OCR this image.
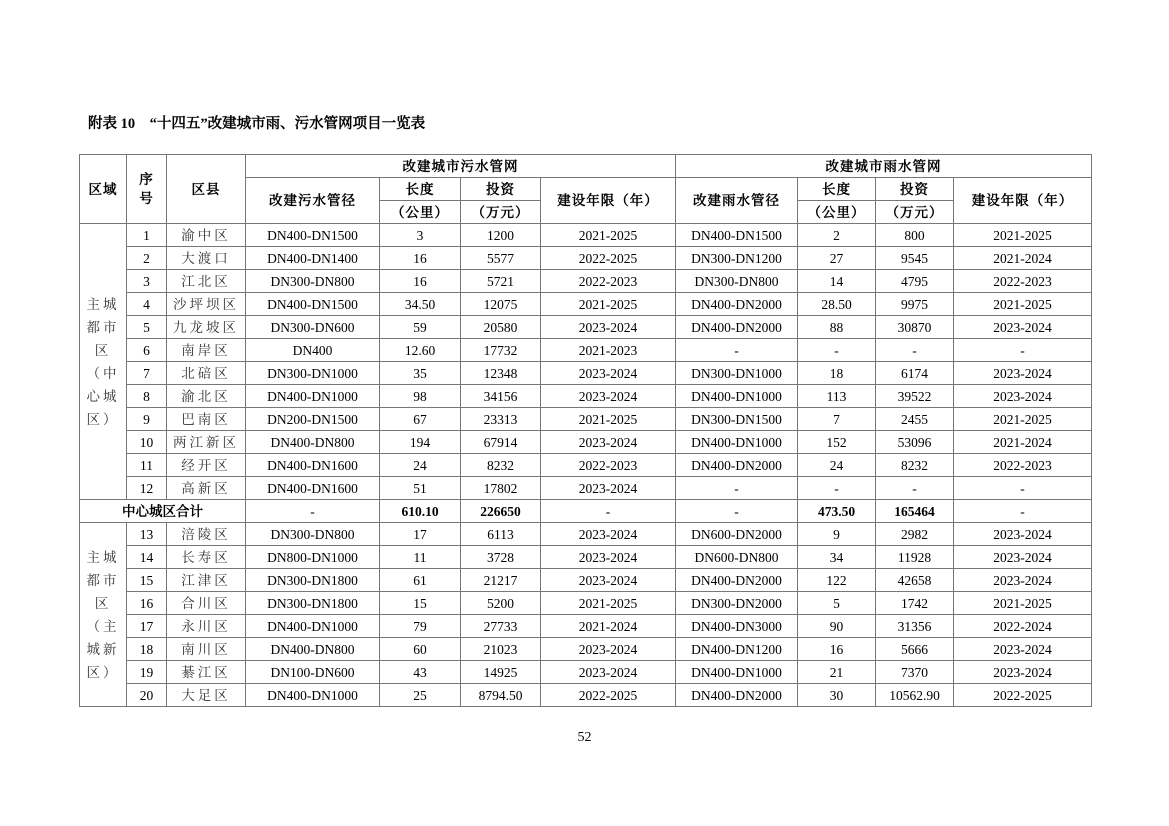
附表 10　“十四五”改建城市雨、污水管网项目一览表
区域	序号	区县	改建城市污水管网				改建城市雨水管网			
			改建污水管径	长度	投资	建设年限（年）	改建雨水管径	长度	投资	建设年限（年）
				（公里）	（万元）			（公里）	（万元）	
主城都市区（中心城区）	1	渝中区	DN400-DN1500	3	1200	2021-2025	DN400-DN1500	2	800	2021-2025
	2	大渡口	DN400-DN1400	16	5577	2022-2025	DN300-DN1200	27	9545	2021-2024
	3	江北区	DN300-DN800	16	5721	2022-2023	DN300-DN800	14	4795	2022-2023
	4	沙坪坝区	DN400-DN1500	34.50	12075	2021-2025	DN400-DN2000	28.50	9975	2021-2025
	5	九龙坡区	DN300-DN600	59	20580	2023-2024	DN400-DN2000	88	30870	2023-2024
	6	南岸区	DN400	12.60	17732	2021-2023	-	-	-	-
	7	北碚区	DN300-DN1000	35	12348	2023-2024	DN300-DN1000	18	6174	2023-2024
	8	渝北区	DN400-DN1000	98	34156	2023-2024	DN400-DN1000	113	39522	2023-2024
	9	巴南区	DN200-DN1500	67	23313	2021-2025	DN300-DN1500	7	2455	2021-2025
	10	两江新区	DN400-DN800	194	67914	2023-2024	DN400-DN1000	152	53096	2021-2024
	11	经开区	DN400-DN1600	24	8232	2022-2023	DN400-DN2000	24	8232	2022-2023
	12	高新区	DN400-DN1600	51	17802	2023-2024	-	-	-	-
中心城区合计			-	610.10	226650	-	-	473.50	165464	-
主城都市区（主城新区）	13	涪陵区	DN300-DN800	17	6113	2023-2024	DN600-DN2000	9	2982	2023-2024
	14	长寿区	DN800-DN1000	11	3728	2023-2024	DN600-DN800	34	11928	2023-2024
	15	江津区	DN300-DN1800	61	21217	2023-2024	DN400-DN2000	122	42658	2023-2024
	16	合川区	DN300-DN1800	15	5200	2021-2025	DN300-DN2000	5	1742	2021-2025
	17	永川区	DN400-DN1000	79	27733	2021-2024	DN400-DN3000	90	31356	2022-2024
	18	南川区	DN400-DN800	60	21023	2023-2024	DN400-DN1200	16	5666	2023-2024
	19	綦江区	DN100-DN600	43	14925	2023-2024	DN400-DN1000	21	7370	2023-2024
	20	大足区	DN400-DN1000	25	8794.50	2022-2025	DN400-DN2000	30	10562.90	2022-2025
52
